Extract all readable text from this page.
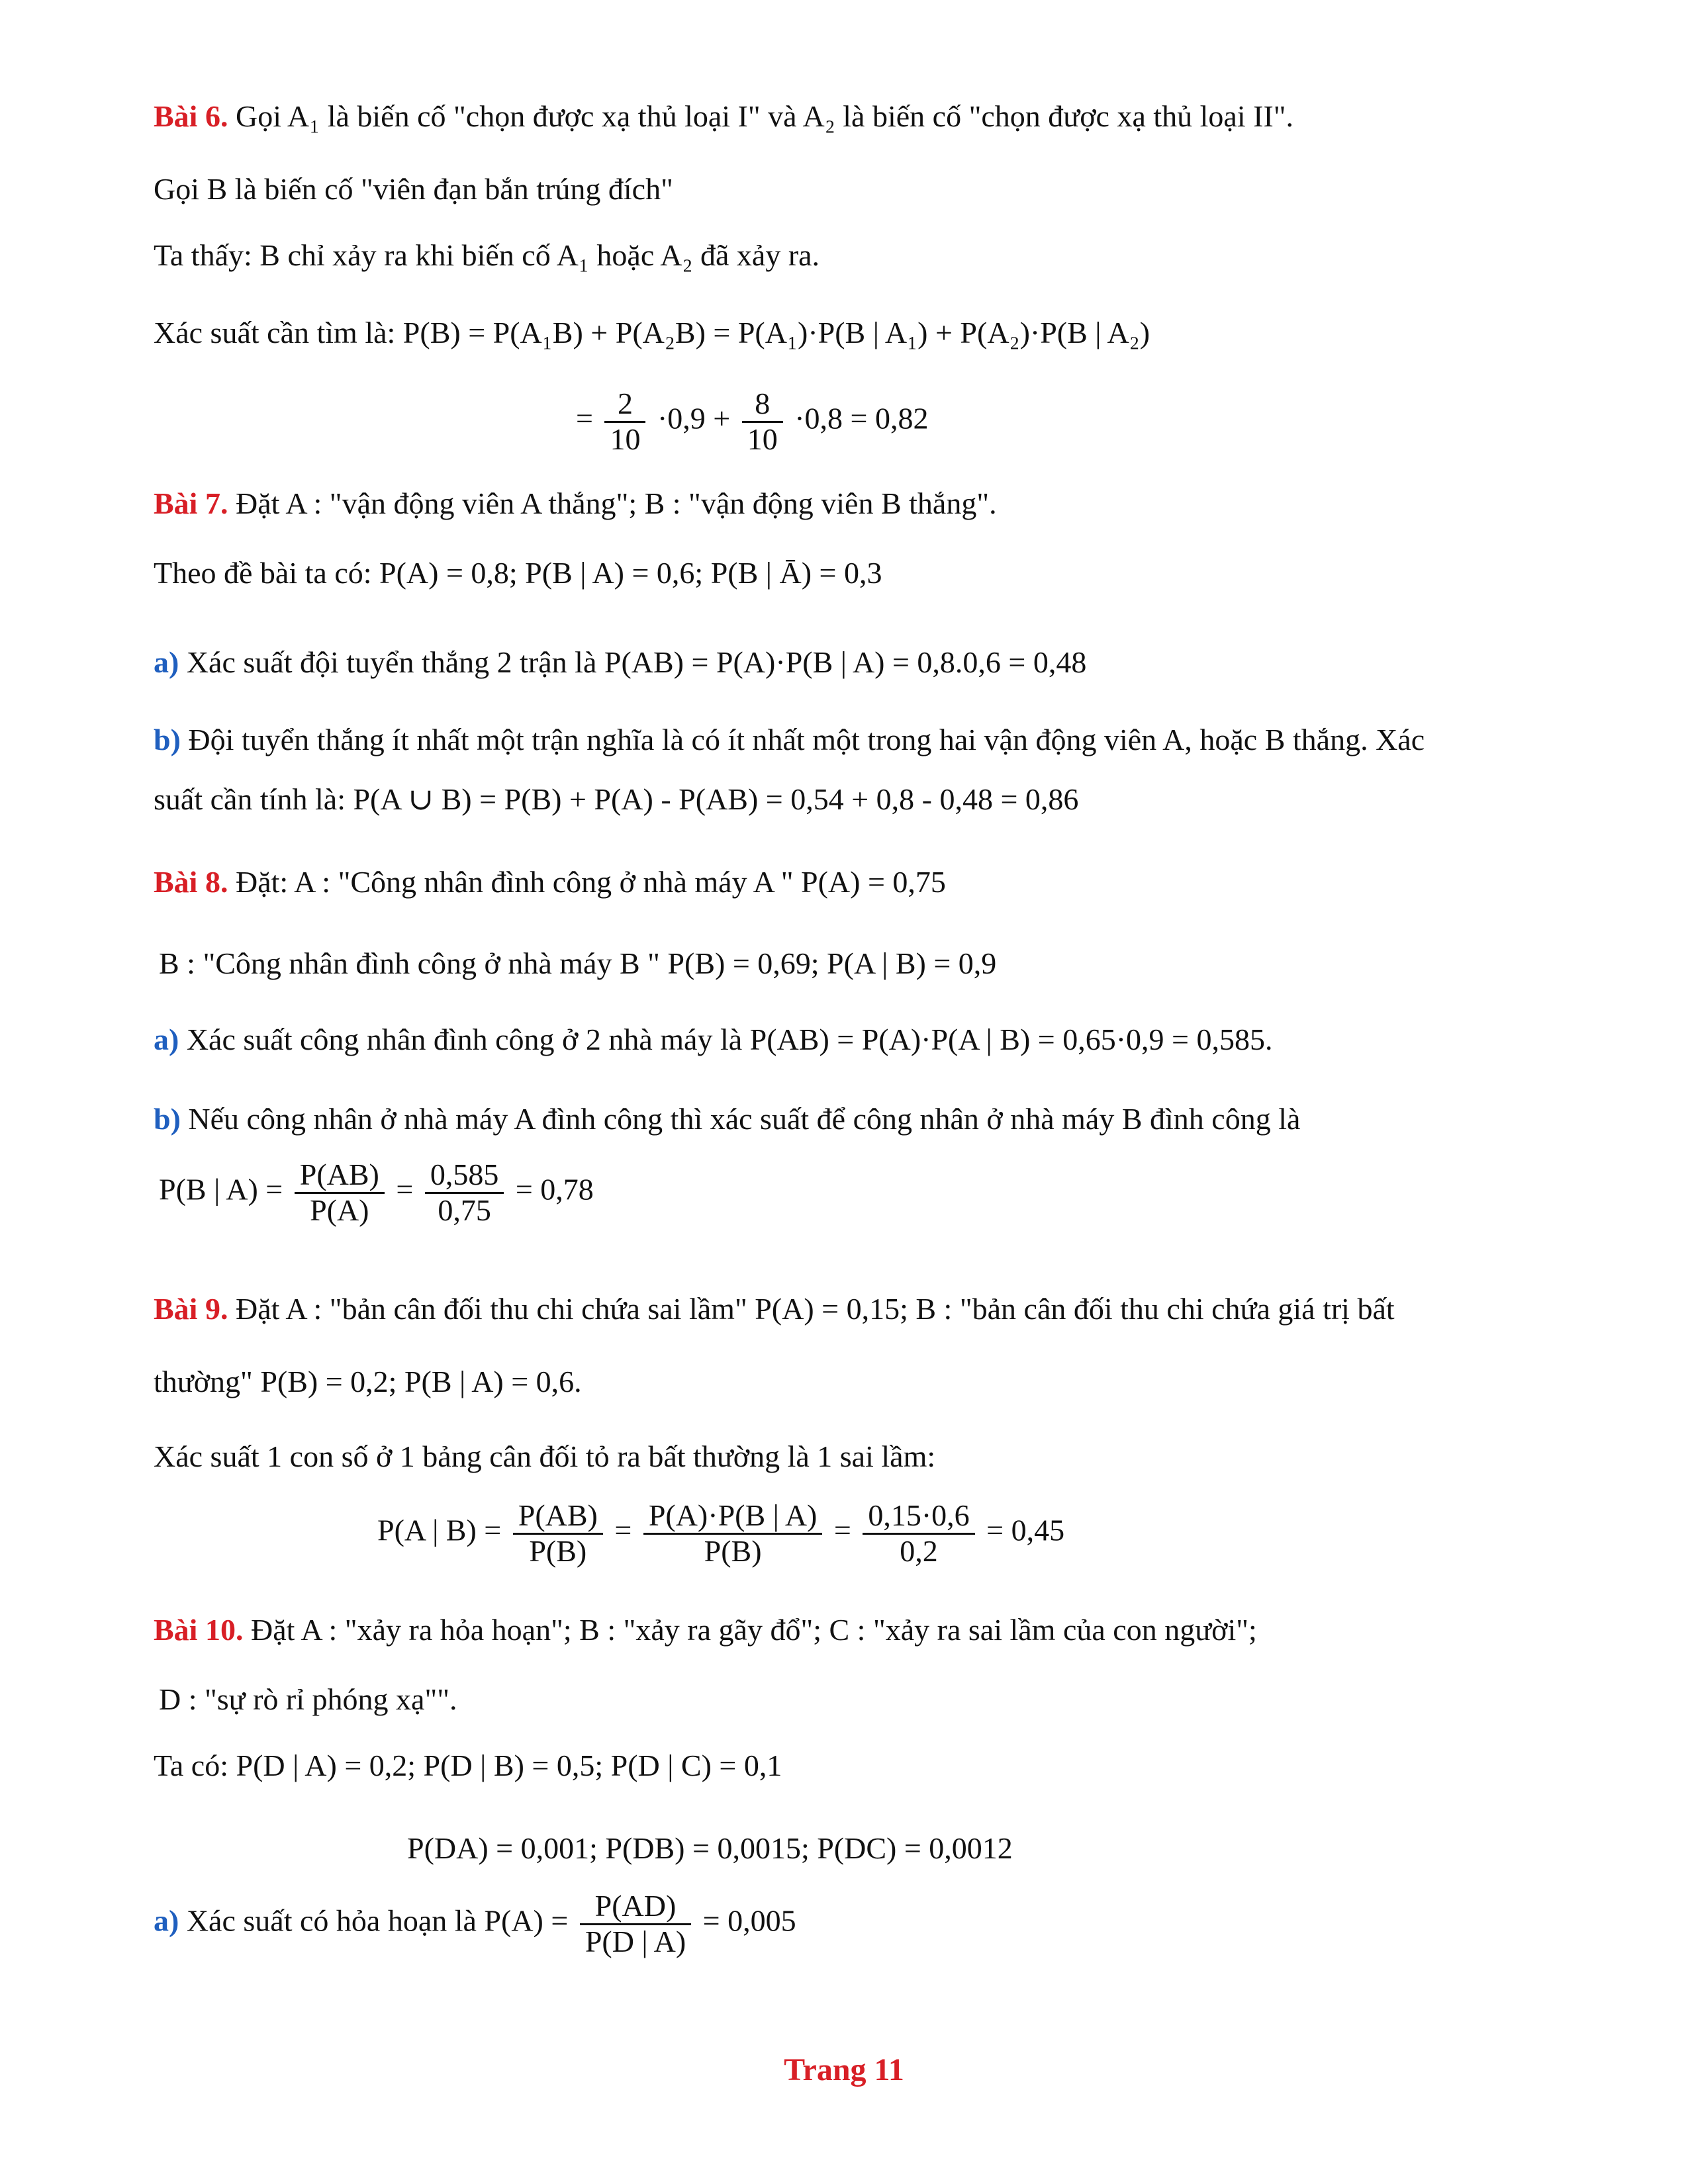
Bài 6. Gọi A₁ là biến cố "chọn được xạ thủ loại I" và A₂ là biến cố "chọn được xạ thủ loại II".
Gọi B là biến cố "viên đạn bắn trúng đích"
Ta thấy: B chỉ xảy ra khi biến cố A₁ hoặc A₂ đã xảy ra.
Xác suất cần tìm là: P(B) = P(A₁B) + P(A₂B) = P(A₁)·P(B | A₁) + P(A₂)·P(B | A₂)
= $\frac{2}{10} \cdot 0,9 + \frac{8}{10} \cdot 0,8 = 0,82$
Bài 7. Đặt A : "vận động viên A thắng"; B : "vận động viên B thắng".
Theo đề bài ta có: P(A) = 0,8; P(B | A) = 0,6; P(B | Ā) = 0,3
a) Xác suất đội tuyển thắng 2 trận là P(AB) = P(A)·P(B | A) = 0,8.0,6 = 0,48
b) Đội tuyển thắng ít nhất một trận nghĩa là có ít nhất một trong hai vận động viên A, hoặc B thắng. Xác
suất cần tính là: P(A ∪ B) = P(B) + P(A) - P(AB) = 0,54 + 0,8 - 0,48 = 0,86
Bài 8. Đặt: A : "Công nhân đình công ở nhà máy A " P(A) = 0,75
B : "Công nhân đình công ở nhà máy B " P(B) = 0,69; P(A | B) = 0,9
a) Xác suất công nhân đình công ở 2 nhà máy là P(AB) = P(A)·P(A | B) = 0,65·0,9 = 0,585.
b) Nếu công nhân ở nhà máy A đình công thì xác suất để công nhân ở nhà máy B đình công là
P(B | $A) = \frac{P(AB)}{P(A)} = \frac{0,585}{0,75} = 0,78$
Bài 9. Đặt A : "bản cân đối thu chi chứa sai lầm" P(A) = 0,15; B : "bản cân đối thu chi chứa giá trị bất
thường" P(B) = 0,2; P(B | A) = 0,6.
Xác suất 1 con số ở 1 bảng cân đối tỏ ra bất thường là 1 sai lầm:
P(A | $B) = \frac{P(AB)}{P(B)} = \frac{P(A)\cdot P(B | A)}{P(B)} = \frac{0,15\cdot 0,6}{0,2} = 0,45$
Bài 10. Đặt A : "xảy ra hỏa hoạn"; B : "xảy ra gãy đổ"; C : "xảy ra sai lầm của con người";
D : "sự rò rỉ phóng xạ"".
Ta có: P(D | A) = 0,2; P(D | B) = 0,5; P(D | C) = 0,1
P(DA) = 0,001; P(DB) = 0,0015; P(DC) = 0,0012
a) Xác suất có hỏa hoạn là $P(A) = \frac{P(AD)}{P(D | A)} = 0,005$
Trang 11
